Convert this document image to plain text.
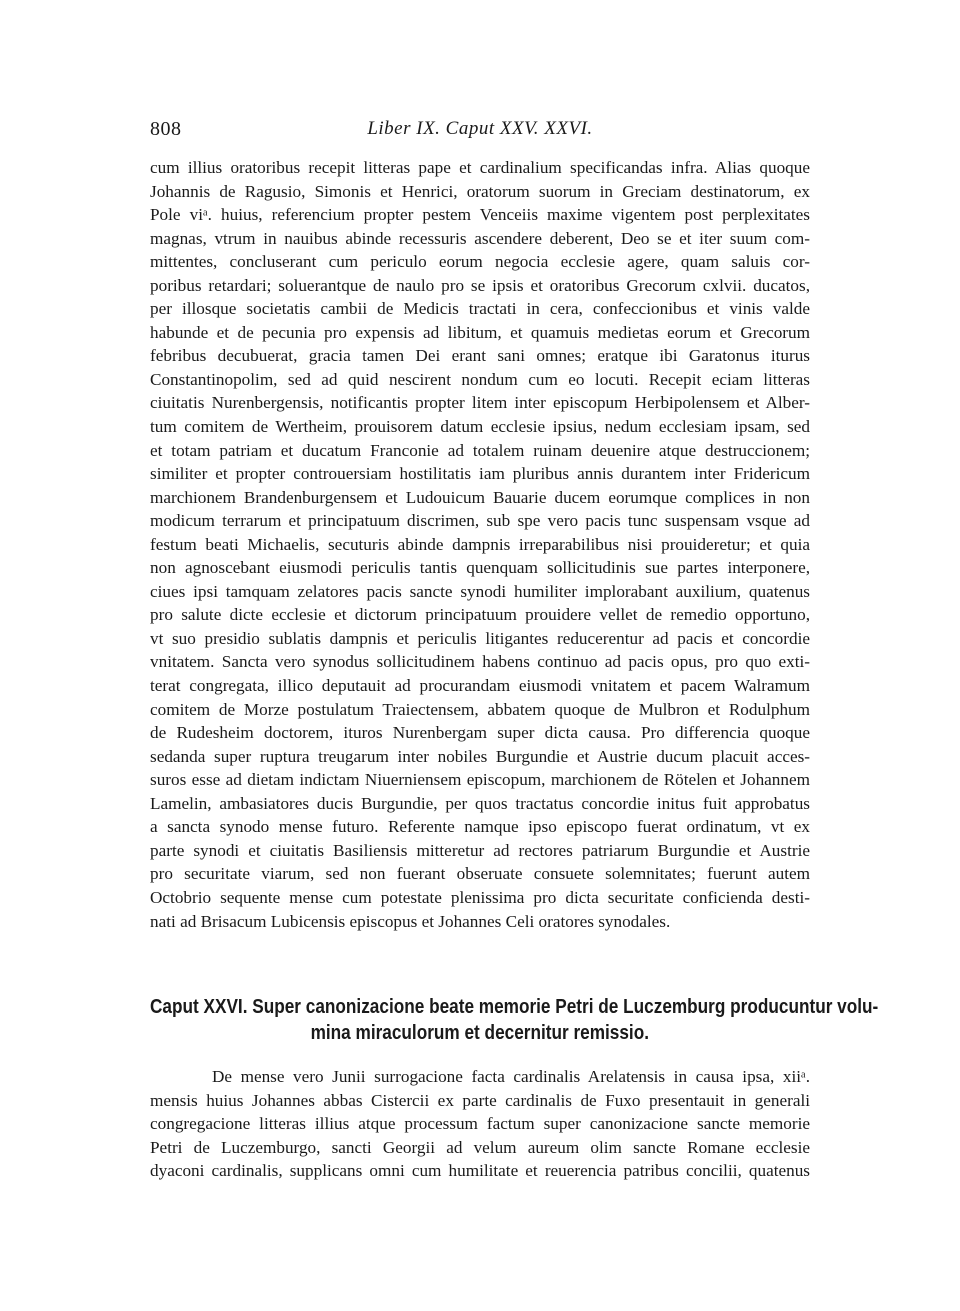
808	Liber IX. Caput XXV. XXVI.
cum illius oratoribus recepit litteras pape et cardinalium specificandas infra. Alias quoque
Johannis de Ragusio, Simonis et Henrici, oratorum suorum in Greciam destinatorum, ex
Pole viᵃ. huius, referencium propter pestem Venceiis maxime vigentem post perplexitates
magnas, vtrum in nauibus abinde recessuris ascendere deberent, Deo se et iter suum com-
mittentes, concluserant cum periculo eorum negocia ecclesie agere, quam saluis cor-
poribus retardari; soluerantque de naulo pro se ipsis et oratoribus Grecorum cxlvii. ducatos,
per illosque societatis cambii de Medicis tractati in cera, confeccionibus et vinis valde
habunde et de pecunia pro expensis ad libitum, et quamuis medietas eorum et Grecorum
febribus decubuerat, gracia tamen Dei erant sani omnes; eratque ibi Garatonus iturus
Constantinopolim, sed ad quid nescirent nondum cum eo locuti. Recepit eciam litteras
ciuitatis Nurenbergensis, notificantis propter litem inter episcopum Herbipolensem et Alber-
tum comitem de Wertheim, prouisorem datum ecclesie ipsius, nedum ecclesiam ipsam, sed
et totam patriam et ducatum Franconie ad totalem ruinam deuenire atque destruccionem;
similiter et propter controuersiam hostilitatis iam pluribus annis durantem inter Fridericum
marchionem Brandenburgensem et Ludouicum Bauarie ducem eorumque complices in non
modicum terrarum et principatuum discrimen, sub spe vero pacis tunc suspensam vsque ad
festum beati Michaelis, secuturis abinde dampnis irreparabilibus nisi prouideretur; et quia
non agnoscebant eiusmodi periculis tantis quenquam sollicitudinis sue partes interponere,
ciues ipsi tamquam zelatores pacis sancte synodi humiliter implorabant auxilium, quatenus
pro salute dicte ecclesie et dictorum principatuum prouidere vellet de remedio opportuno,
vt suo presidio sublatis dampnis et periculis litigantes reducerentur ad pacis et concordie
vnitatem. Sancta vero synodus sollicitudinem habens continuo ad pacis opus, pro quo exti-
terat congregata, illico deputauit ad procurandam eiusmodi vnitatem et pacem Walramum
comitem de Morze postulatum Traiectensem, abbatem quoque de Mulbron et Rodulphum
de Rudesheim doctorem, ituros Nurenbergam super dicta causa. Pro differencia quoque
sedanda super ruptura treugarum inter nobiles Burgundie et Austrie ducum placuit acces-
suros esse ad dietam indictam Niuerniensem episcopum, marchionem de Rötelen et Johannem
Lamelin, ambasiatores ducis Burgundie, per quos tractatus concordie initus fuit approbatus
a sancta synodo mense futuro. Referente namque ipso episcopo fuerat ordinatum, vt ex
parte synodi et ciuitatis Basiliensis mitteretur ad rectores patriarum Burgundie et Austrie
pro securitate viarum, sed non fuerant obseruate consuete solemnitates; fuerunt autem
Octobrio sequente mense cum potestate plenissima pro dicta securitate conficienda desti-
nati ad Brisacum Lubicensis episcopus et Johannes Celi oratores synodales.
Caput XXVI. Super canonizacione beate memorie Petri de Luczemburg producuntur volu-
mina miraculorum et decernitur remissio.
De mense vero Junii surrogacione facta cardinalis Arelatensis in causa ipsa, xiiᵃ.
mensis huius Johannes abbas Cistercii ex parte cardinalis de Fuxo presentauit in generali
congregacione litteras illius atque processum factum super canonizacione sancte memorie
Petri de Luczemburgo, sancti Georgii ad velum aureum olim sancte Romane ecclesie
dyaconi cardinalis, supplicans omni cum humilitate et reuerencia patribus concilii, quatenus
